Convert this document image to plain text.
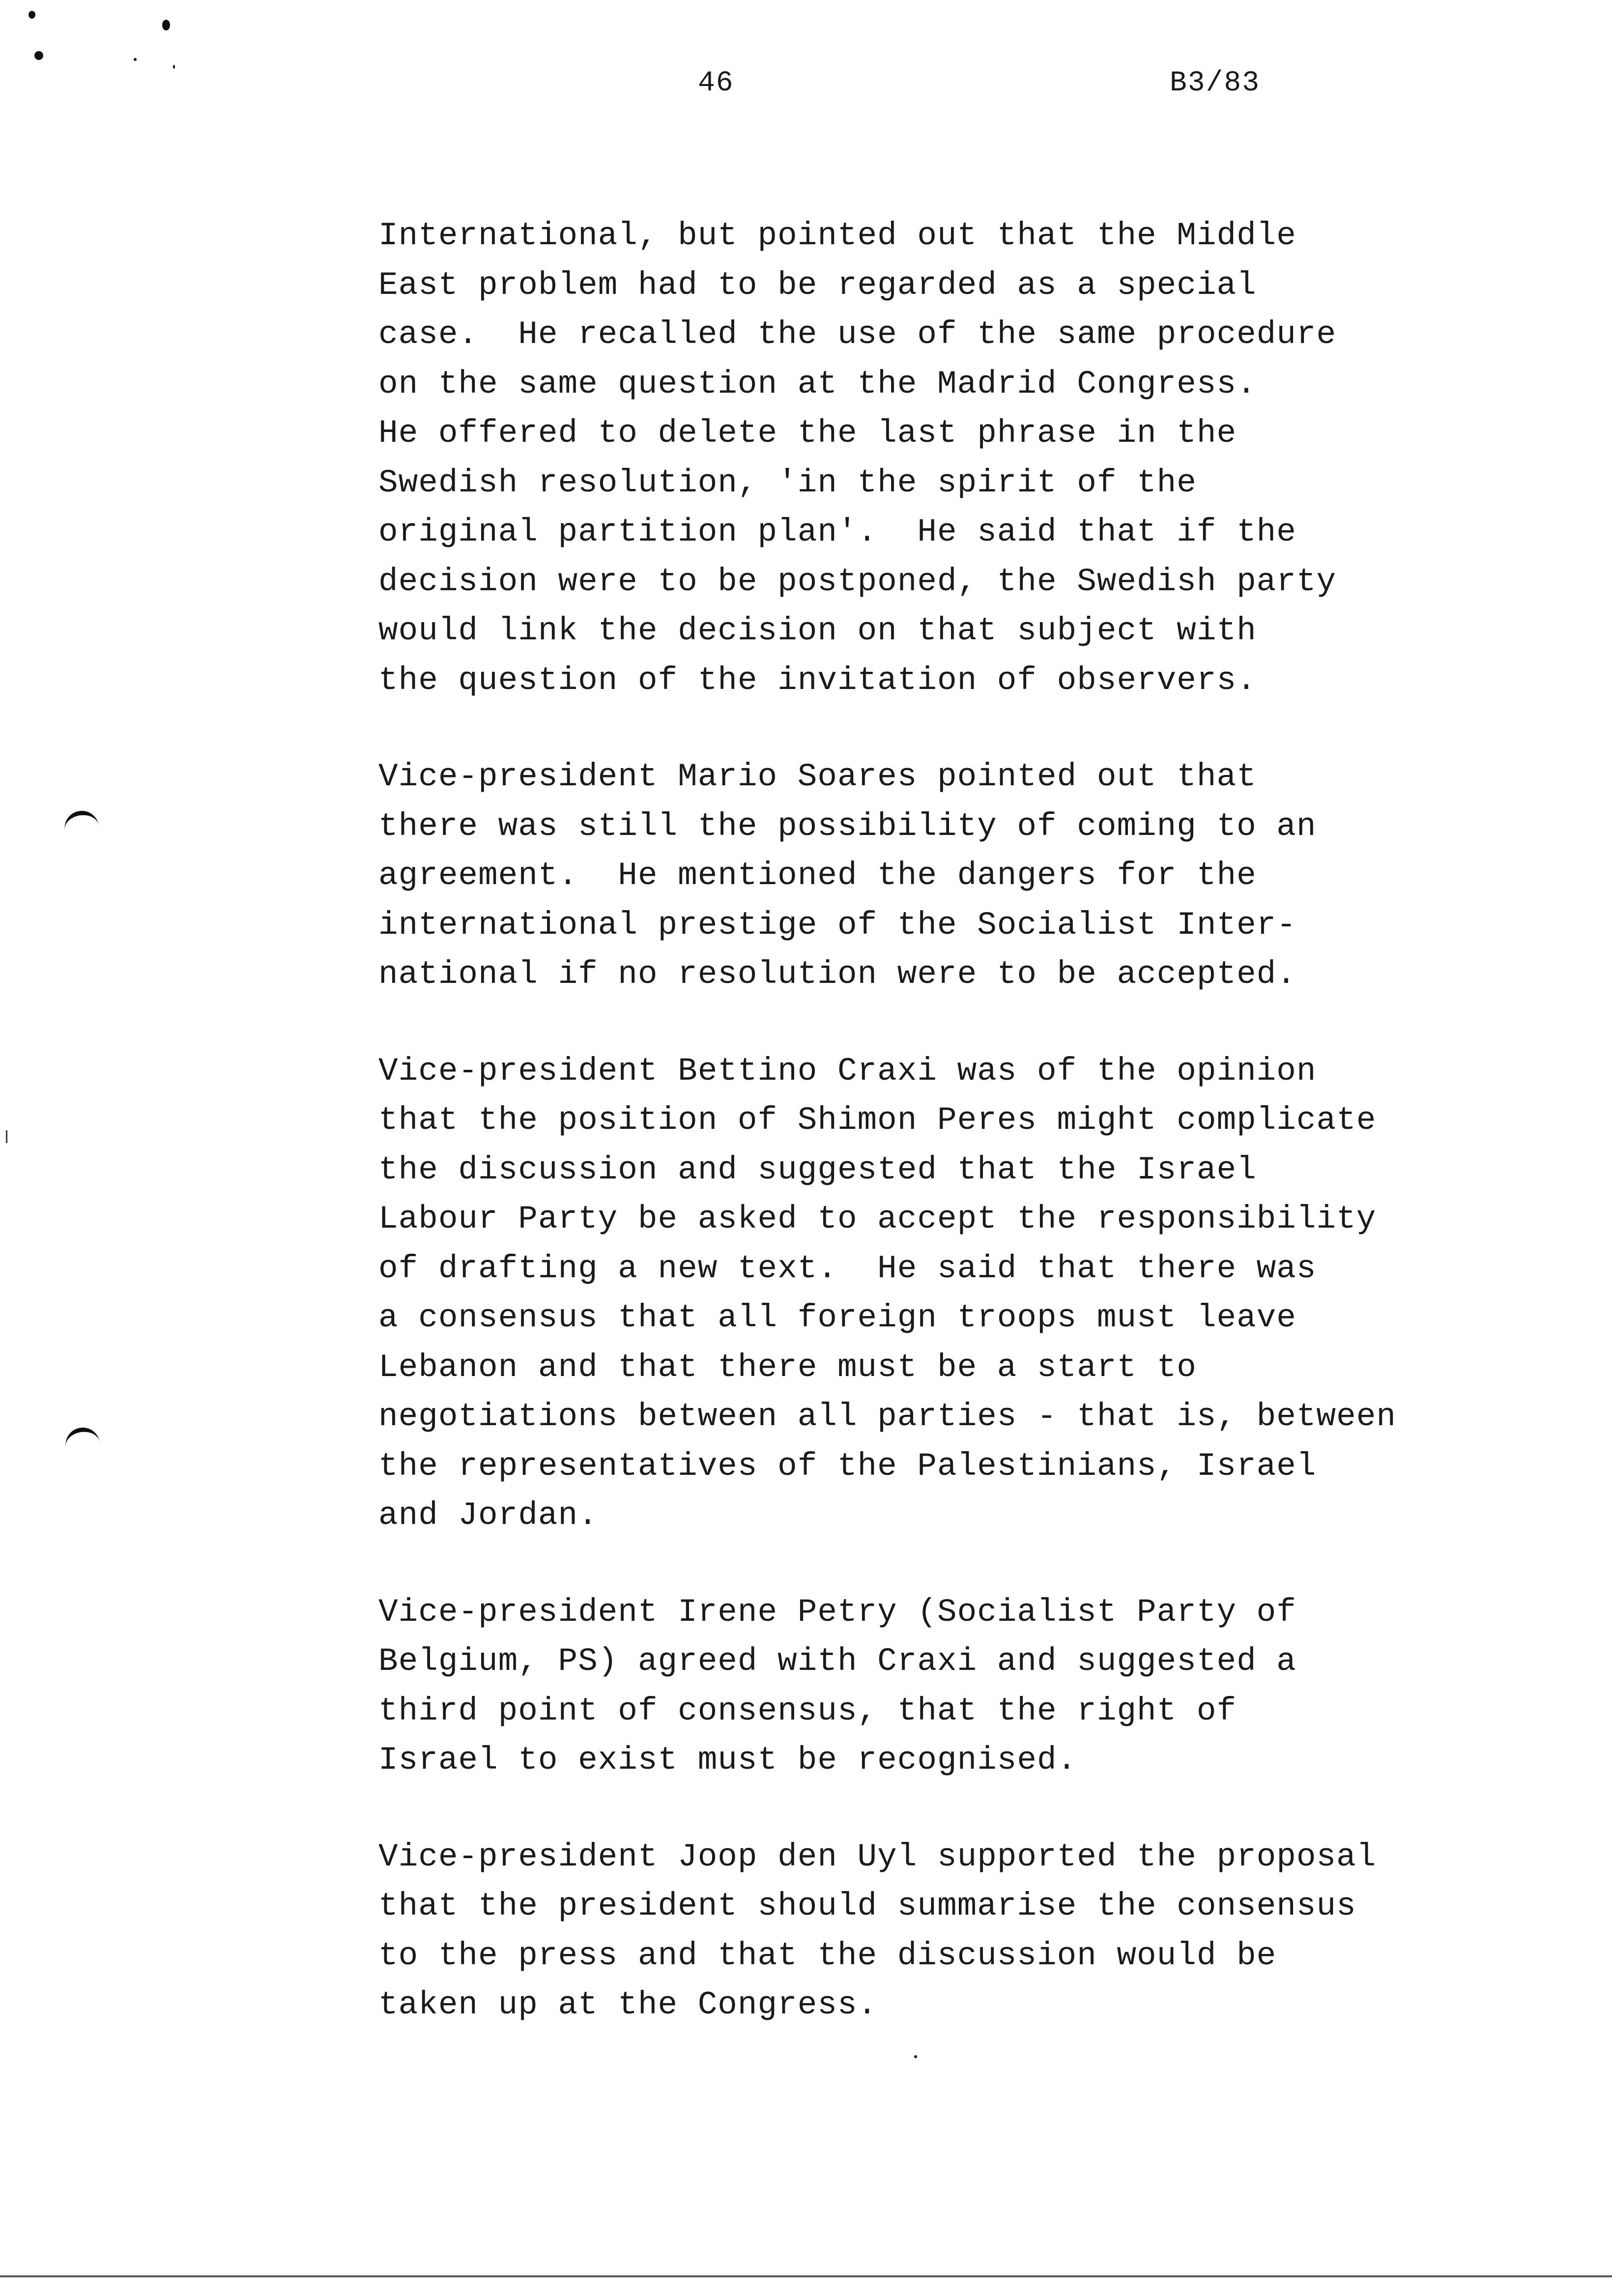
46	B3/83
International, but pointed out that the Middle
East problem had to be regarded as a special
case.  He recalled the use of the same procedure
on the same question at the Madrid Congress.
He offered to delete the last phrase in the
Swedish resolution, 'in the spirit of the
original partition plan'.  He said that if the
decision were to be postponed, the Swedish party
would link the decision on that subject with
the question of the invitation of observers.
Vice-president Mario Soares pointed out that
there was still the possibility of coming to an
agreement.  He mentioned the dangers for the
international prestige of the Socialist Inter-
national if no resolution were to be accepted.
Vice-president Bettino Craxi was of the opinion
that the position of Shimon Peres might complicate
the discussion and suggested that the Israel
Labour Party be asked to accept the responsibility
of drafting a new text.  He said that there was
a consensus that all foreign troops must leave
Lebanon and that there must be a start to
negotiations between all parties - that is, between
the representatives of the Palestinians, Israel
and Jordan.
Vice-president Irene Petry (Socialist Party of
Belgium, PS) agreed with Craxi and suggested a
third point of consensus, that the right of
Israel to exist must be recognised.
Vice-president Joop den Uyl supported the proposal
that the president should summarise the consensus
to the press and that the discussion would be
taken up at the Congress.
